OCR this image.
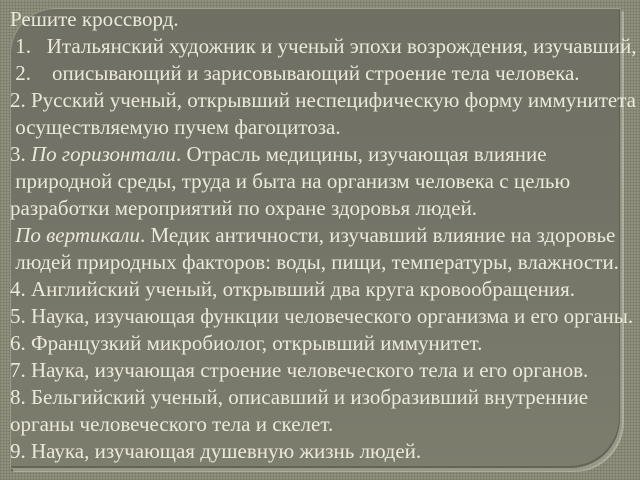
Решите кроссворд.
1.   Итальянский художник и ученый эпохи возрождения, изучавший,
2.    описывающий и зарисовывающий строение тела человека.
2. Русский ученый, открывший неспецифическую форму иммунитета
осуществляемую пучем фагоцитоза.
3. По горизонтали. Отрасль медицины, изучающая влияние
природной среды, труда и быта на организм человека с целью
разработки мероприятий по охране здоровья людей.
По вертикали. Медик античности, изучавший влияние на здоровье
людей природных факторов: воды, пищи, температуры, влажности.
4. Английский ученый, открывший два круга кровообращения.
5. Наука, изучающая функции человеческого организма и его органы.
6. Французкий микробиолог, открывший иммунитет.
7. Наука, изучающая строение человеческого тела и его органов.
8. Бельгийский ученый, описавший и изобразивший внутренние
органы человеческого тела и скелет.
9. Наука, изучающая душевную жизнь людей.
